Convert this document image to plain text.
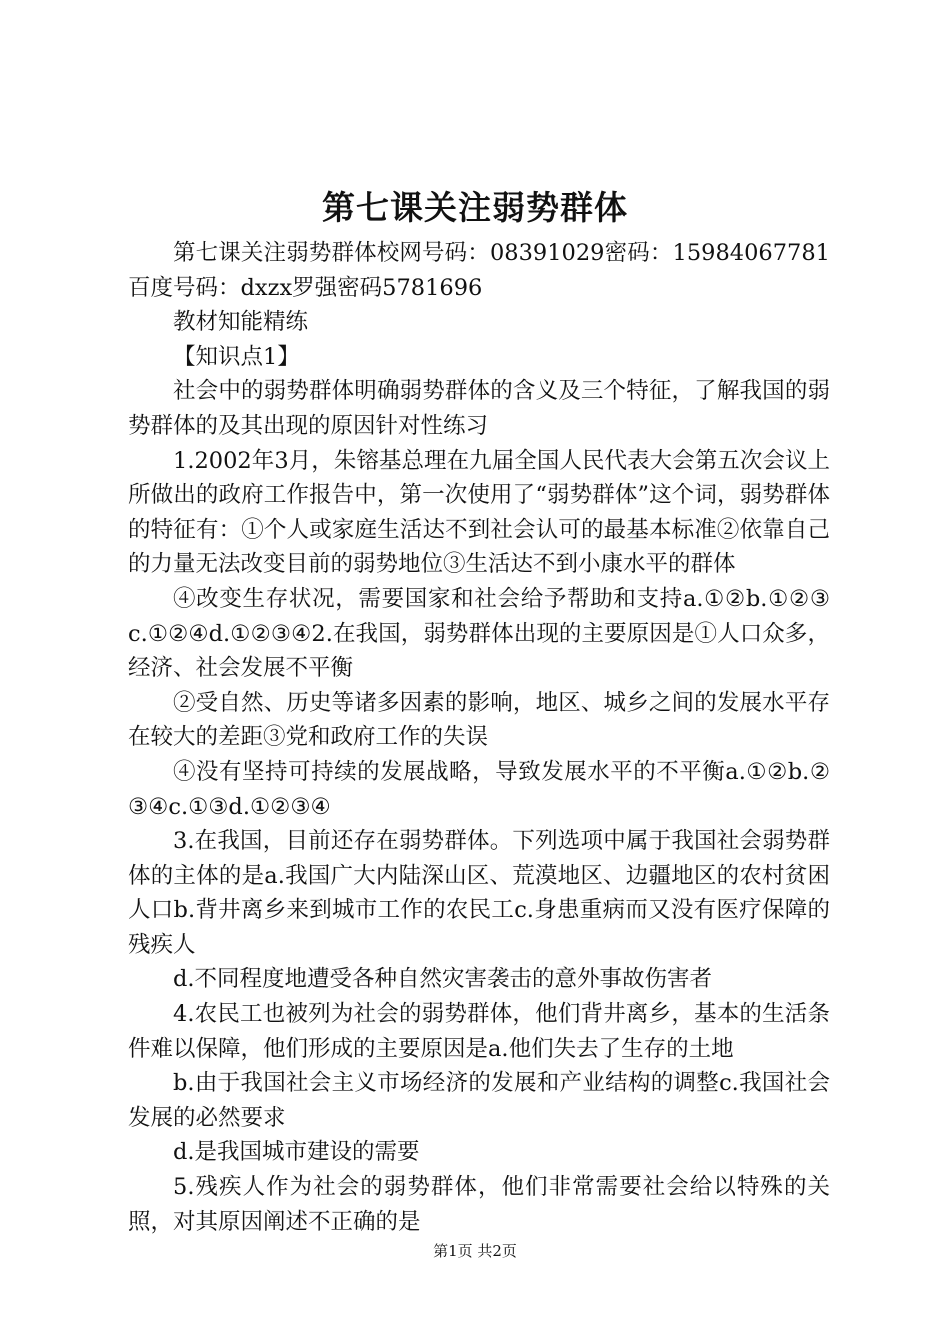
第七课关注弱势群体

第七课关注弱势群体校网号码：08391029密码：15984067781百度号码：dxzx罗强密码5781696

教材知能精练

【知识点1】

社会中的弱势群体明确弱势群体的含义及三个特征，了解我国的弱势群体的及其出现的原因针对性练习

1.2002年3月，朱镕基总理在九届全国人民代表大会第五次会议上所做出的政府工作报告中，第一次使用了“弱势群体”这个词，弱势群体的特征有：①个人或家庭生活达不到社会认可的最基本标准②依靠自己的力量无法改变目前的弱势地位③生活达不到小康水平的群体

④改变生存状况，需要国家和社会给予帮助和支持a.①②b.①②③c.①②④d.①②③④2.在我国，弱势群体出现的主要原因是①人口众多，经济、社会发展不平衡

②受自然、历史等诸多因素的影响，地区、城乡之间的发展水平存在较大的差距③党和政府工作的失误

④没有坚持可持续的发展战略，导致发展水平的不平衡a.①②b.②③④c.①③d.①②③④

3.在我国，目前还存在弱势群体。下列选项中属于我国社会弱势群体的主体的是a.我国广大内陆深山区、荒漠地区、边疆地区的农村贫困人口b.背井离乡来到城市工作的农民工c.身患重病而又没有医疗保障的残疾人

d.不同程度地遭受各种自然灾害袭击的意外事故伤害者

4.农民工也被列为社会的弱势群体，他们背井离乡，基本的生活条件难以保障，他们形成的主要原因是a.他们失去了生存的土地

b.由于我国社会主义市场经济的发展和产业结构的调整c.我国社会发展的必然要求

d.是我国城市建设的需要

5.残疾人作为社会的弱势群体，他们非常需要社会给以特殊的关照，对其原因阐述不正确的是

第1页 共2页
